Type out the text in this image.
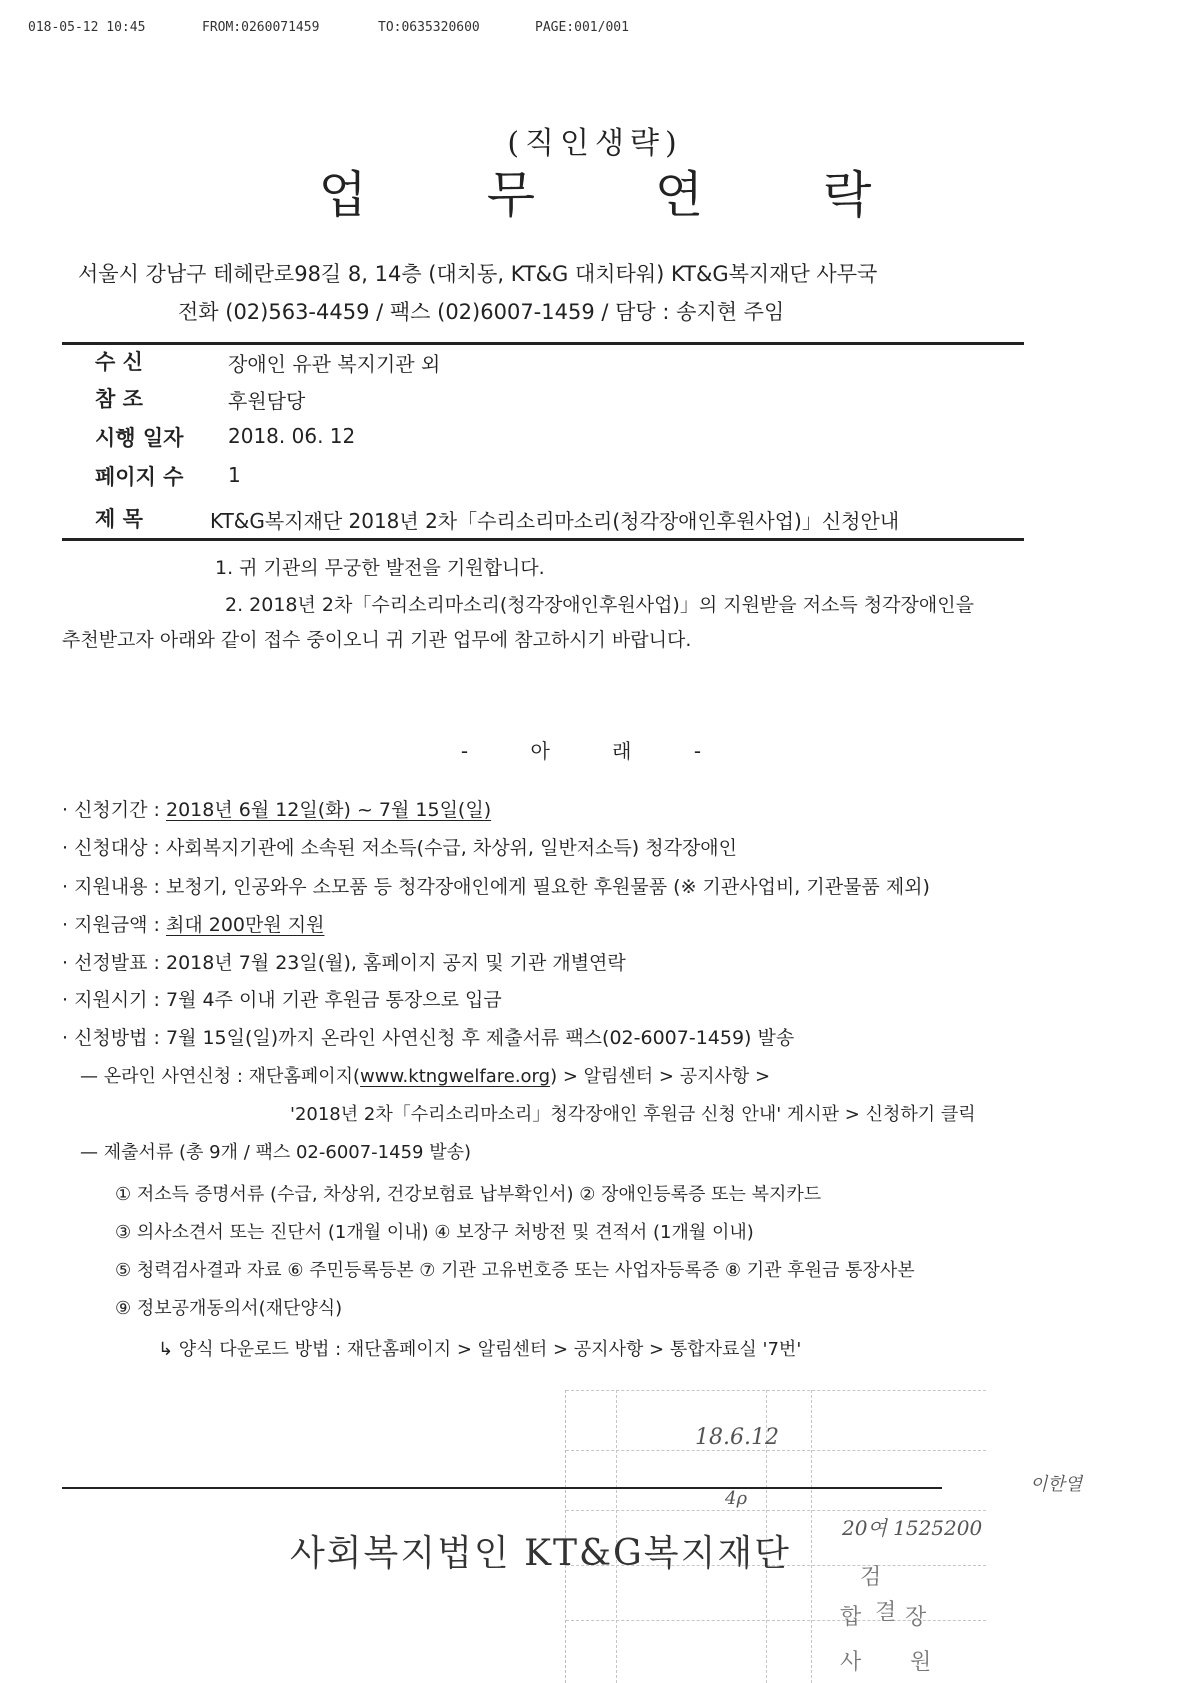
018-05-12 10:45	FROM:0260071459	TO:0635320600	PAGE:001/001
(직인생략)
업 무 연 락
서울시 강남구 테헤란로98길 8, 14층 (대치동, KT&G 대치타워) KT&G복지재단 사무국
전화 (02)563-4459 / 팩스 (02)6007-1459 / 담당 : 송지현 주임
수 신	장애인 유관 복지기관 외
참 조	후원담당
시행 일자 2018. 06. 12
페이지 수 1
제 목	KT&G복지재단 2018년 2차「수리소리마소리(청각장애인후원사업)」신청안내
1. 귀 기관의 무궁한 발전을 기원합니다.
2. 2018년 2차「수리소리마소리(청각장애인후원사업)」의 지원받을 저소득 청각장애인을
추천받고자 아래와 같이 접수 중이오니 귀 기관 업무에 참고하시기 바랍니다.
- 아 래 -
· 신청기간 : 2018년 6월 12일(화) ~ 7월 15일(일)
· 신청대상 : 사회복지기관에 소속된 저소득(수급, 차상위, 일반저소득) 청각장애인
· 지원내용 : 보청기, 인공와우 소모품 등 청각장애인에게 필요한 후원물품 (※ 기관사업비, 기관물품 제외)
· 지원금액 : 최대 200만원 지원
· 선정발표 : 2018년 7월 23일(월), 홈페이지 공지 및 기관 개별연락
· 지원시기 : 7월 4주 이내 기관 후원금 통장으로 입금
· 신청방법 : 7월 15일(일)까지 온라인 사연신청 후 제출서류 팩스(02-6007-1459) 발송
— 온라인 사연신청 : 재단홈페이지(www.ktngwelfare.org) > 알림센터 > 공지사항 >
'2018년 2차「수리소리마소리」청각장애인 후원금 신청 안내' 게시판 > 신청하기 클릭
— 제출서류 (총 9개 / 팩스 02-6007-1459 발송)
① 저소득 증명서류 (수급, 차상위, 건강보험료 납부확인서) ② 장애인등록증 또는 복지카드
③ 의사소견서 또는 진단서 (1개월 이내) ④ 보장구 처방전 및 견적서 (1개월 이내)
⑤ 청력검사결과 자료 ⑥ 주민등록등본 ⑦ 기관 고유번호증 또는 사업자등록증 ⑧ 기관 후원금 통장사본
⑨ 정보공개동의서(재단양식)
↳ 양식 다운로드 방법 : 재단홈페이지 > 알림센터 > 공지사항 > 통합자료실 '7번'
검
결
합 장
사 원
18.6.12
4ρ
20여 1525200
이한열
사회복지법인 KT&G복지재단
